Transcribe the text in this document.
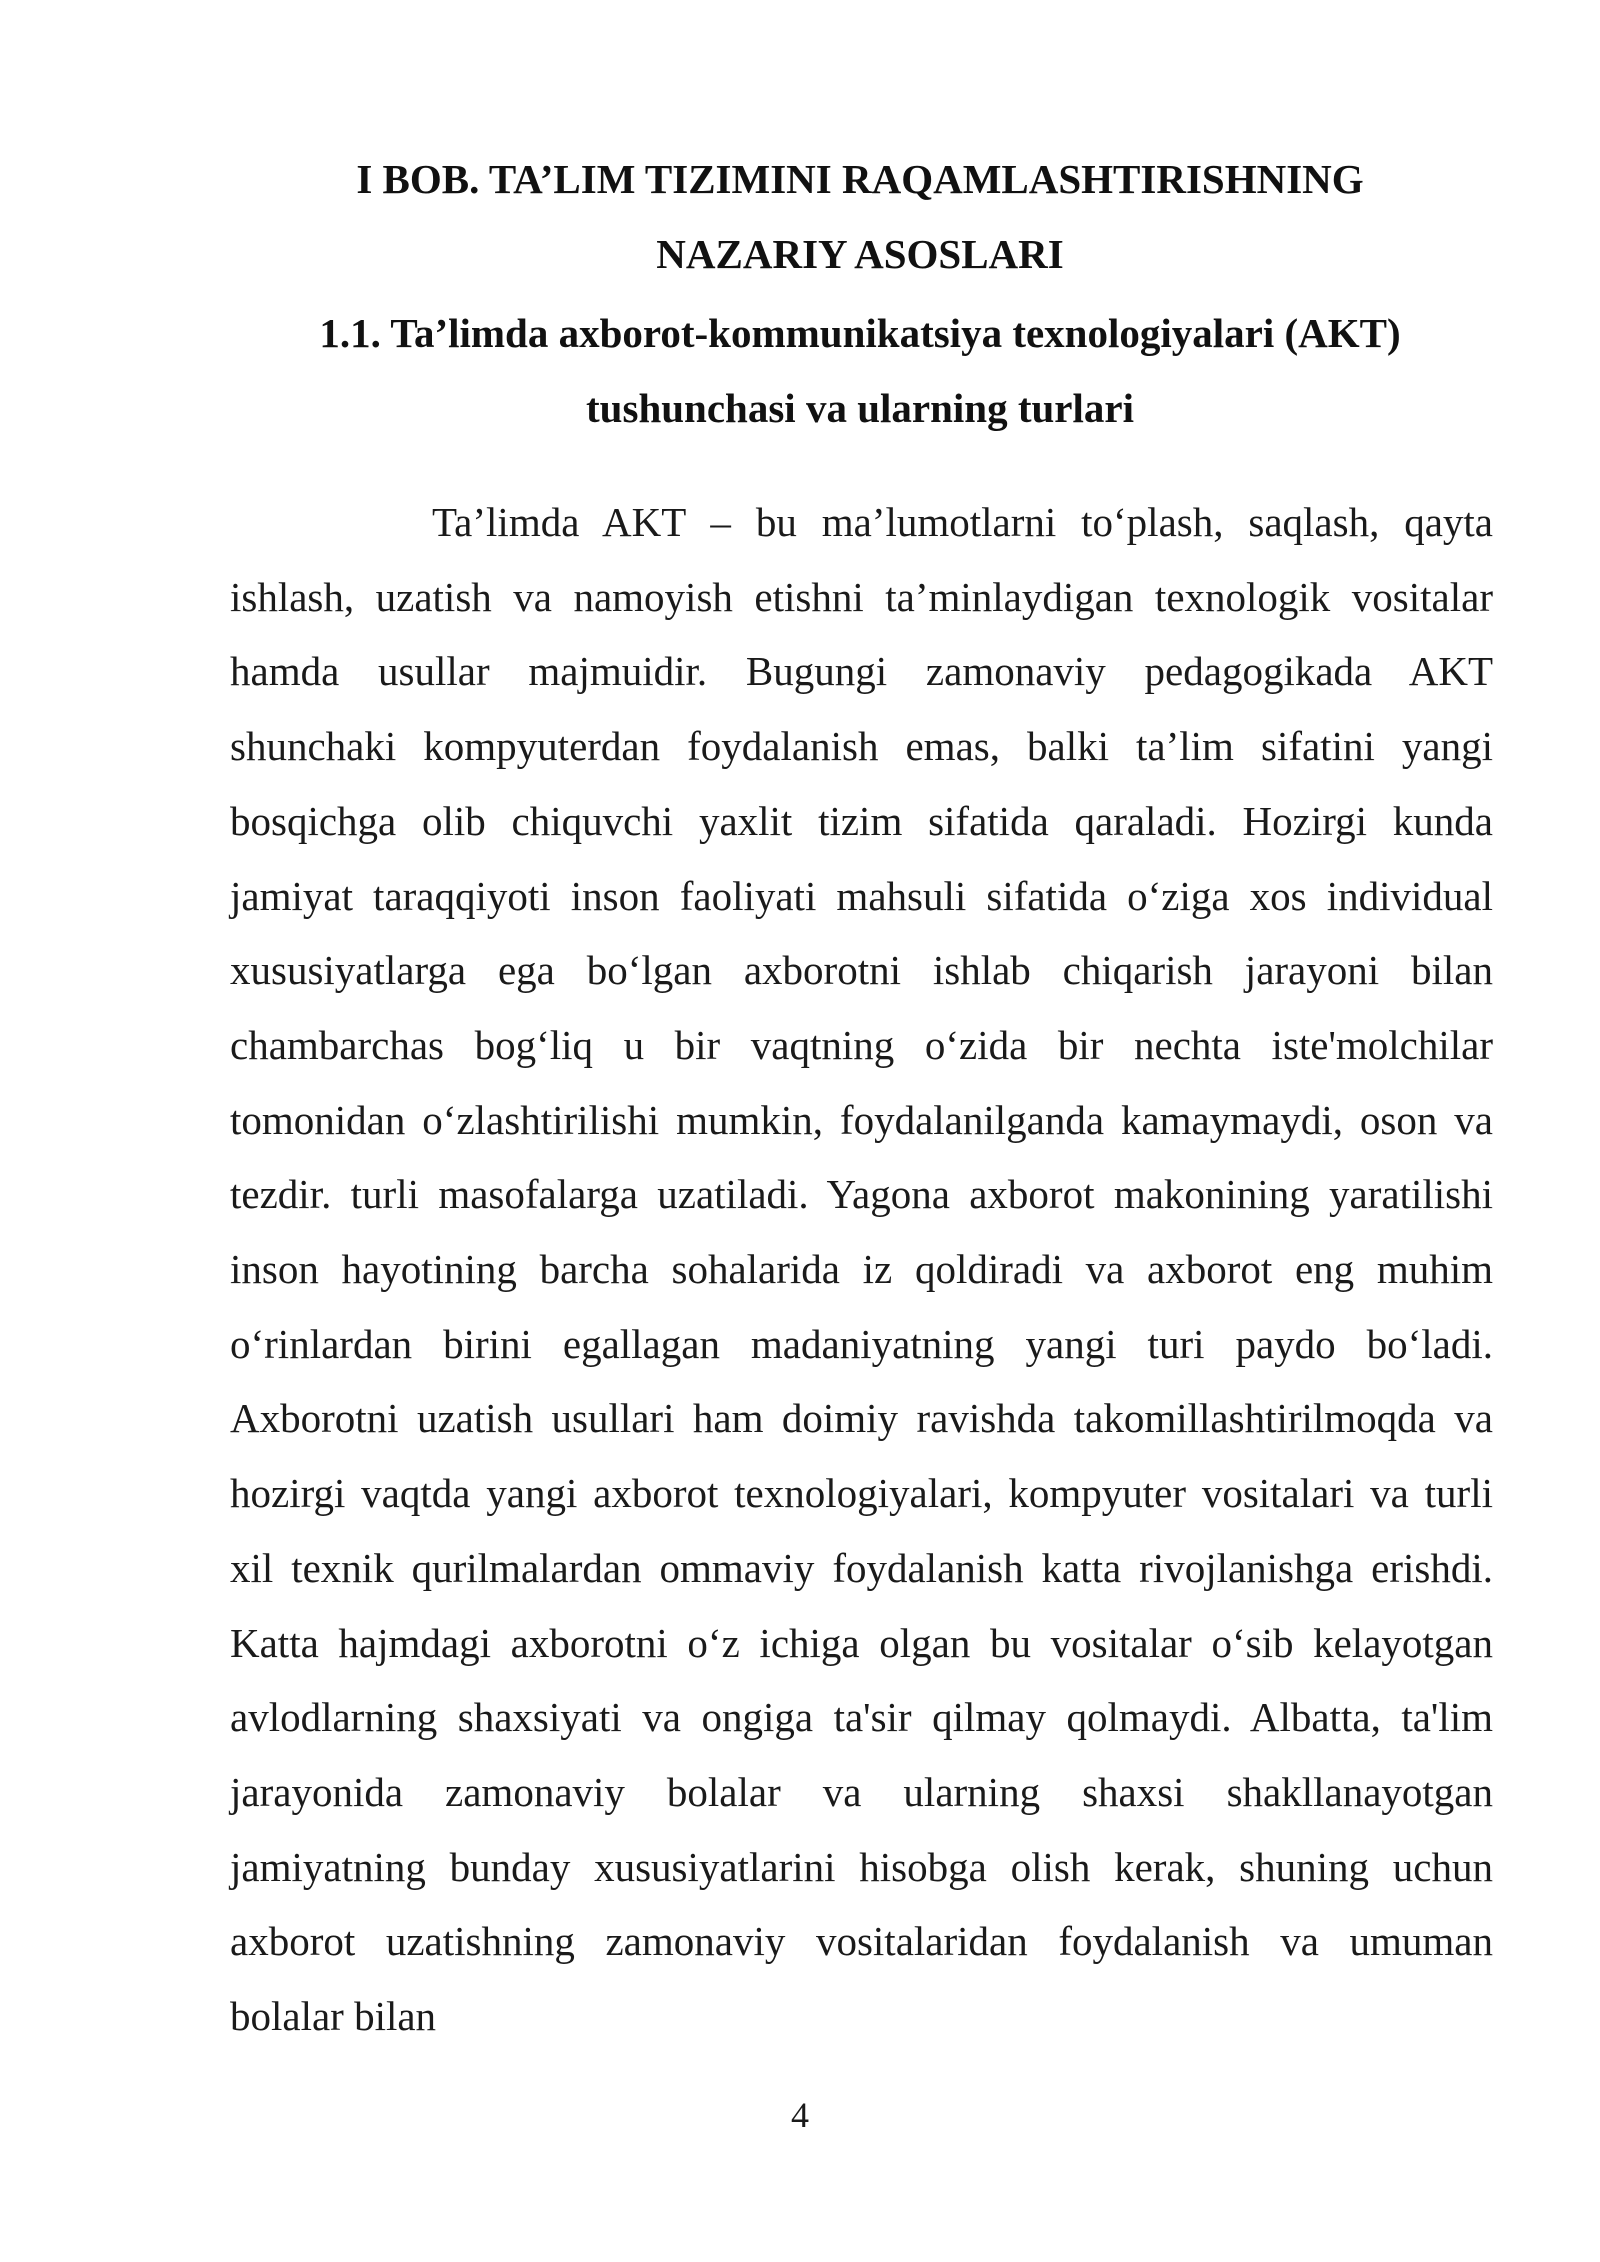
I BOB. TA’LIM TIZIMINI RAQAMLASHTIRISHNING
NAZARIY ASOSLARI
1.1. Ta’limda axborot-kommunikatsiya texnologiyalari (AKT)
tushunchasi va ularning turlari

Ta’limda AKT – bu ma’lumotlarni to‘plash, saqlash, qayta ishlash, uzatish va namoyish etishni ta’minlaydigan texnologik vositalar hamda usullar majmuidir. Bugungi zamonaviy pedagogikada AKT shunchaki kompyuterdan foydalanish emas, balki ta’lim sifatini yangi bosqichga olib chiquvchi yaxlit tizim sifatida qaraladi. Hozirgi kunda jamiyat taraqqiyoti inson faoliyati mahsuli sifatida o‘ziga xos individual xususiyatlarga ega bo‘lgan axborotni ishlab chiqarish jarayoni bilan chambarchas bog‘liq u bir vaqtning o‘zida bir nechta iste'molchilar tomonidan o‘zlashtirilishi mumkin, foydalanilganda kamaymaydi, oson va tezdir. turli masofalarga uzatiladi. Yagona axborot makonining yaratilishi inson hayotining barcha sohalarida iz qoldiradi va axborot eng muhim o‘rinlardan birini egallagan madaniyatning yangi turi paydo bo‘ladi. Axborotni uzatish usullari ham doimiy ravishda takomillashtirilmoqda va hozirgi vaqtda yangi axborot texnologiyalari, kompyuter vositalari va turli xil texnik qurilmalardan ommaviy foydalanish katta rivojlanishga erishdi. Katta hajmdagi axborotni o‘z ichiga olgan bu vositalar o‘sib kelayotgan avlodlarning shaxsiyati va ongiga ta'sir qilmay qolmaydi. Albatta, ta'lim jarayonida zamonaviy bolalar va ularning shaxsi shakllanayotgan jamiyatning bunday xususiyatlarini hisobga olish kerak, shuning uchun axborot uzatishning zamonaviy vositalaridan foydalanish va umuman bolalar bilan

4
